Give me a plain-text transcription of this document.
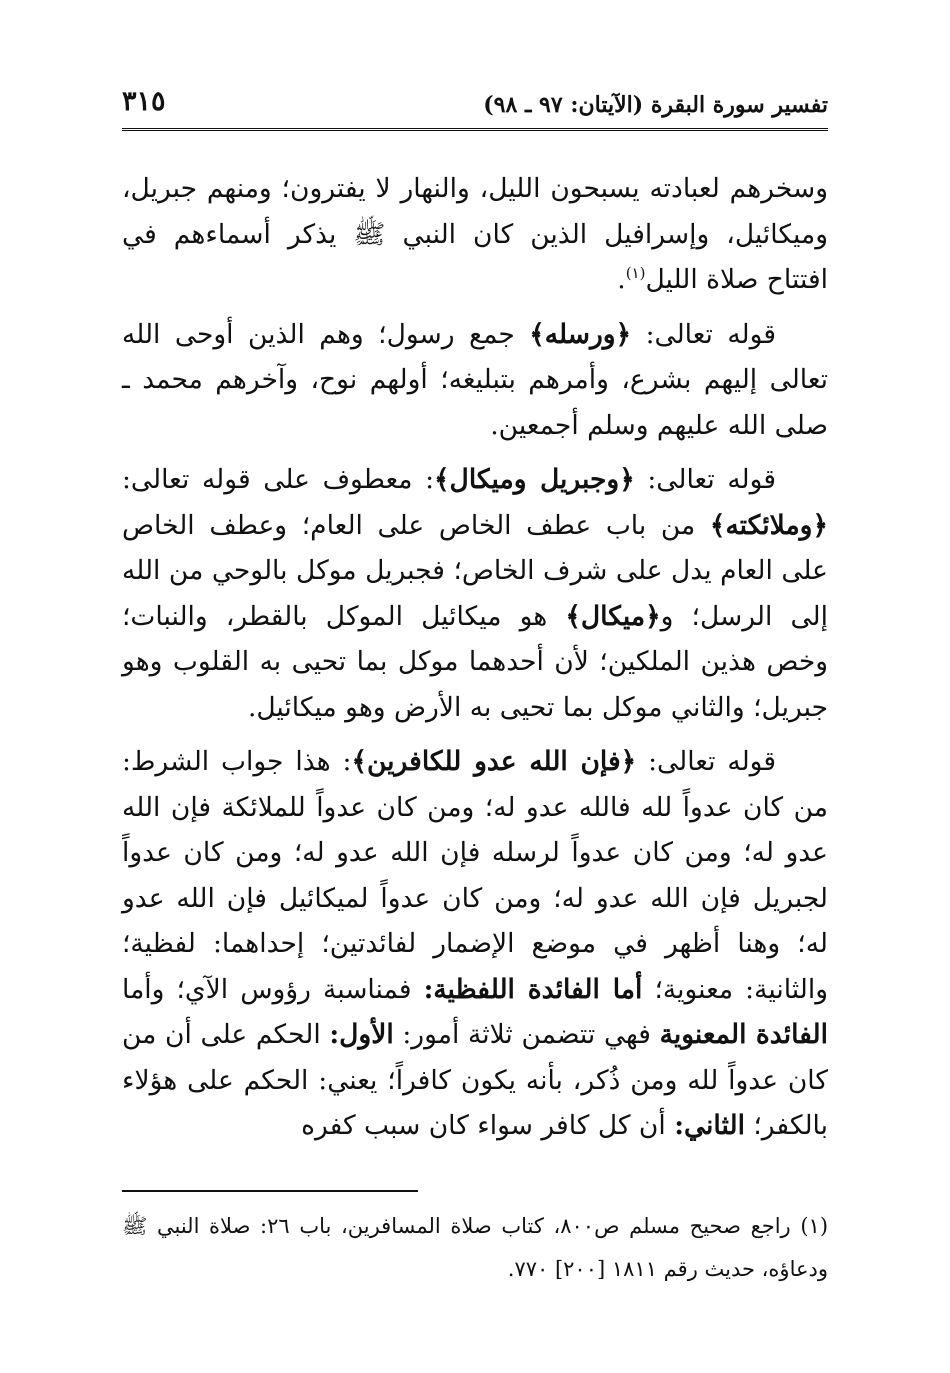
تفسير سورة البقرة (الآيتان: ٩٧ ـ ٩٨)
٣١٥

وسخرهم لعبادته يسبحون الليل، والنهار لا يفترون؛ ومنهم جبريل، وميكائيل، وإسرافيل الذين كان النبي ﷺ يذكر أسماءهم في افتتاح صلاة الليل$^{(١)}$.

قوله تعالى: ﴿ورسله﴾ جمع رسول؛ وهم الذين أوحى الله تعالى إليهم بشرع، وأمرهم بتبليغه؛ أولهم نوح، وآخرهم محمد ـ صلى الله عليهم وسلم أجمعين.

قوله تعالى: ﴿وجبريل وميكال﴾: معطوف على قوله تعالى: ﴿وملائكته﴾ من باب عطف الخاص على العام؛ وعطف الخاص على العام يدل على شرف الخاص؛ فجبريل موكل بالوحي من الله إلى الرسل؛ و﴿ميكال﴾ هو ميكائيل الموكل بالقطر، والنبات؛ وخص هذين الملكين؛ لأن أحدهما موكل بما تحيى به القلوب وهو جبريل؛ والثاني موكل بما تحيى به الأرض وهو ميكائيل.

قوله تعالى: ﴿فإن الله عدو للكافرين﴾: هذا جواب الشرط: من كان عدواً لله فالله عدو له؛ ومن كان عدواً للملائكة فإن الله عدو له؛ ومن كان عدواً لرسله فإن الله عدو له؛ ومن كان عدواً لجبريل فإن الله عدو له؛ ومن كان عدواً لميكائيل فإن الله عدو له؛ وهنا أظهر في موضع الإضمار لفائدتين؛ إحداهما: لفظية؛ والثانية: معنوية؛ أما الفائدة اللفظية: فمناسبة رؤوس الآي؛ وأما الفائدة المعنوية فهي تتضمن ثلاثة أمور: الأول: الحكم على أن من كان عدواً لله ومن ذُكر، بأنه يكون كافراً؛ يعني: الحكم على هؤلاء بالكفر؛ الثاني: أن كل كافر سواء كان سبب كفره

(١) راجع صحيح مسلم ص٨٠٠، كتاب صلاة المسافرين، باب ٢٦: صلاة النبي ﷺ ودعاؤه، حديث رقم ١٨١١ [٢٠٠] ٧٧٠.
